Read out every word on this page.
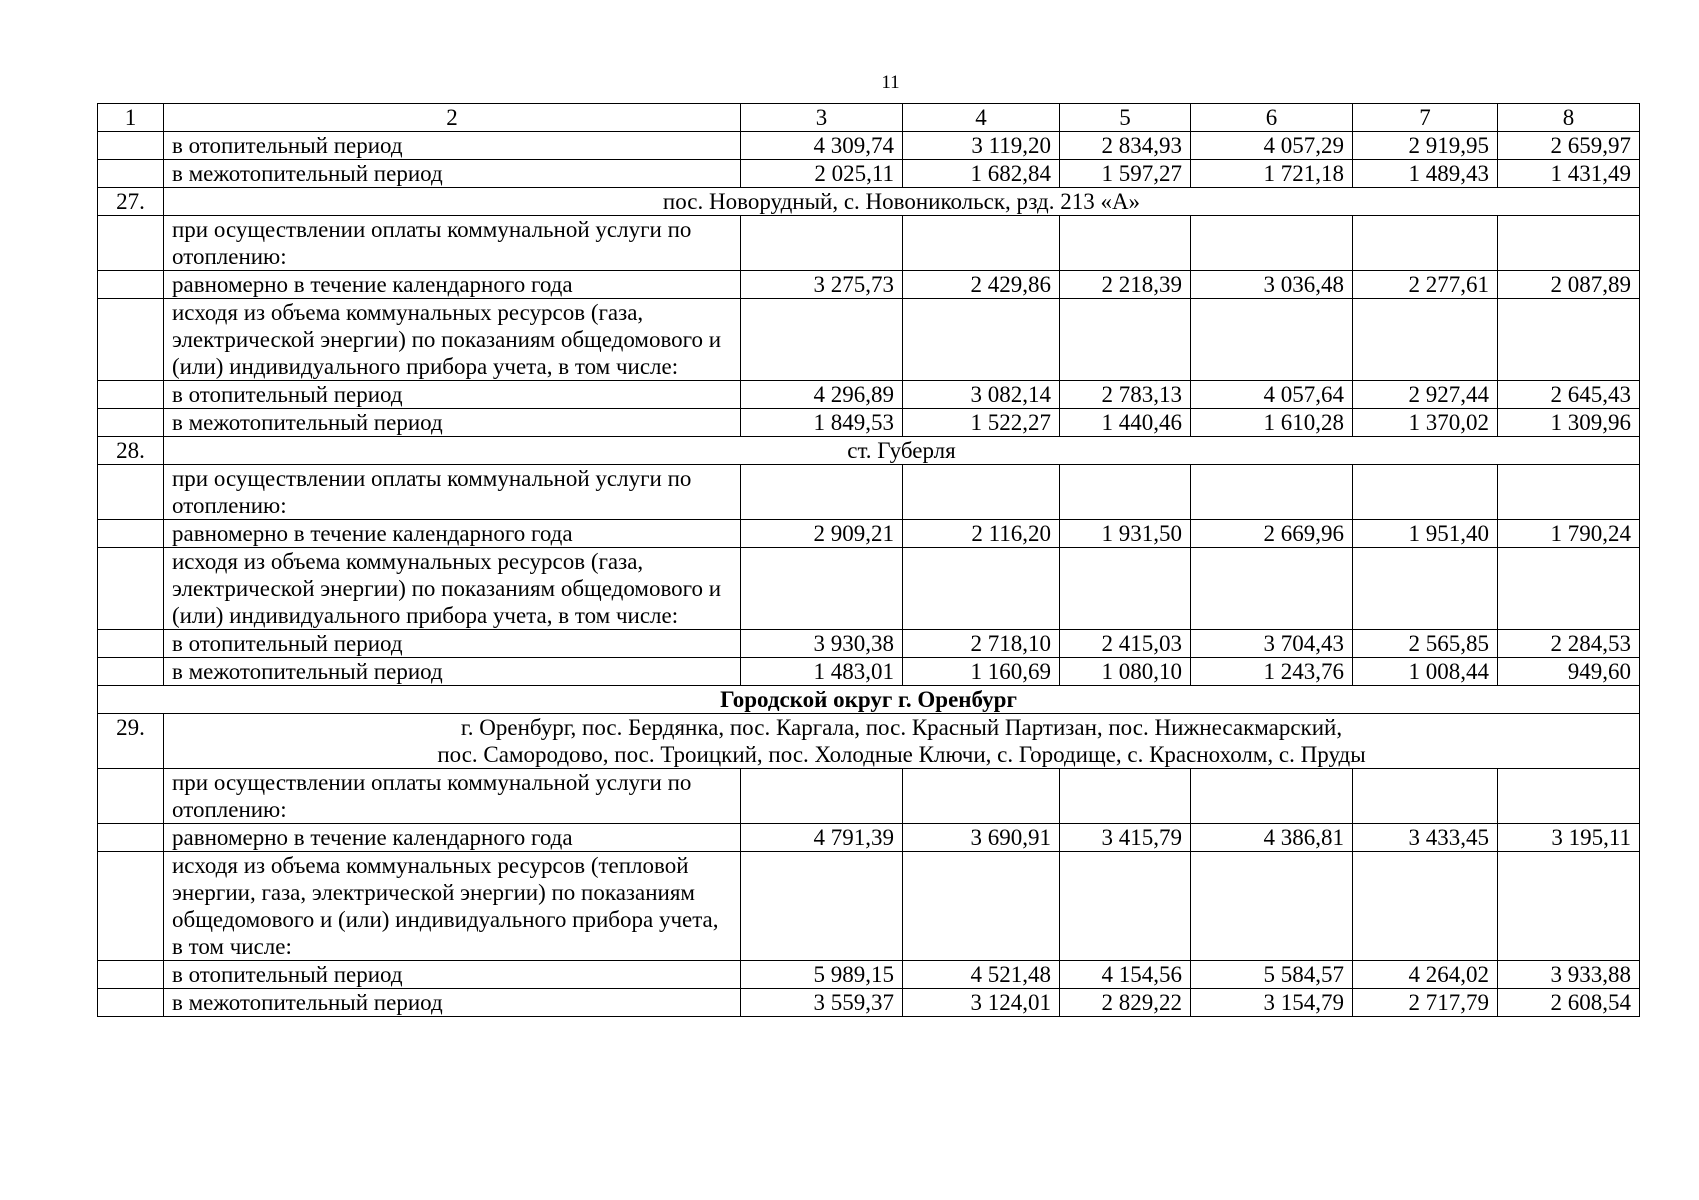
11
1	2	3	4	5	6	7	8
	в отопительный период	4 309,74	3 119,20	2 834,93	4 057,29	2 919,95	2 659,97
	в межотопительный период	2 025,11	1 682,84	1 597,27	1 721,18	1 489,43	1 431,49
27.	пос. Новорудный, с. Новоникольск, рзд. 213 «А»						
	при осуществлении оплаты коммунальной услуги по отоплению:						
	равномерно в течение календарного года	3 275,73	2 429,86	2 218,39	3 036,48	2 277,61	2 087,89
	исходя из объема коммунальных ресурсов (газа, электрической энергии) по показаниям общедомового и (или) индивидуального прибора учета, в том числе:						
	в отопительный период	4 296,89	3 082,14	2 783,13	4 057,64	2 927,44	2 645,43
	в межотопительный период	1 849,53	1 522,27	1 440,46	1 610,28	1 370,02	1 309,96
28.	ст. Губерля						
	при осуществлении оплаты коммунальной услуги по отоплению:						
	равномерно в течение календарного года	2 909,21	2 116,20	1 931,50	2 669,96	1 951,40	1 790,24
	исходя из объема коммунальных ресурсов (газа, электрической энергии) по показаниям общедомового и (или) индивидуального прибора учета, в том числе:						
	в отопительный период	3 930,38	2 718,10	2 415,03	3 704,43	2 565,85	2 284,53
	в межотопительный период	1 483,01	1 160,69	1 080,10	1 243,76	1 008,44	949,60
Городской округ г. Оренбург							
29.	г. Оренбург, пос. Бердянка, пос. Каргала, пос. Красный Партизан, пос. Нижнесакмарский,
пос. Самородово, пос. Троицкий, пос. Холодные Ключи, с. Городище, с. Краснохолм, с. Пруды						

	при осуществлении оплаты коммунальной услуги по отоплению:						
	равномерно в течение календарного года	4 791,39	3 690,91	3 415,79	4 386,81	3 433,45	3 195,11
	исходя из объема коммунальных ресурсов (тепловой энергии, газа, электрической энергии) по показаниям общедомового и (или) индивидуального прибора учета, в том числе:						
	в отопительный период	5 989,15	4 521,48	4 154,56	5 584,57	4 264,02	3 933,88
	в межотопительный период	3 559,37	3 124,01	2 829,22	3 154,79	2 717,79	2 608,54
